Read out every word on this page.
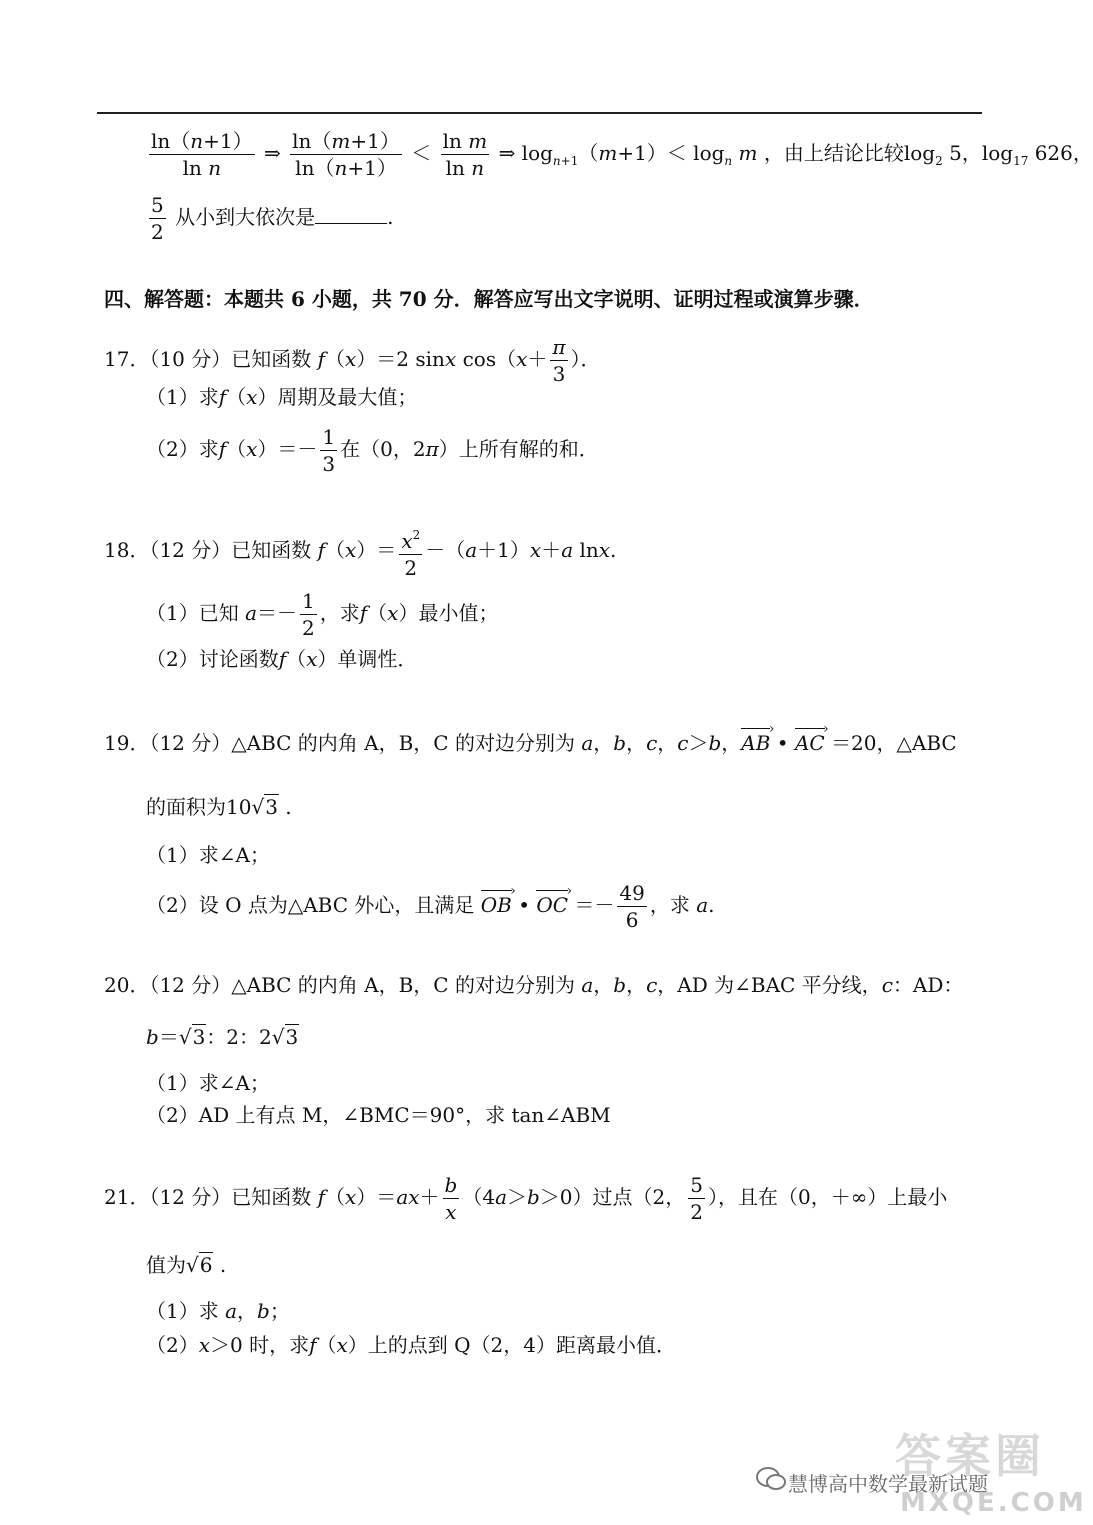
$\frac{\ln(n+1)}{\text{ln n}}$ ⇒ $\frac{\ln(m+1)}{\ln(n+1)} < \frac{\text{ln m}}{\text{ln n}}$ ⇒ $\log_{n+1}(m+1)< \log_n m$ ，由上结论比较$\log_2 5$，$\log_{17} 626$，
$\frac{5}{2}$ 从小到大依次是	.
四、解答题：本题共 6 小题，共 70 分．解答应写出文字说明、证明过程或演算步骤．
17．（10 分）已知函数 f（x）＝2 sinx $\cos(x+ \frac{\pi}{3}$ ）．
（1）求f（x）周期及最大值；
（2）求$f(x)=- \frac{1}{3}$ 在（0，2π）上所有解的和．
18．（12 分）已知函数 $f(x)= \frac{x^2}{2} -(a+1)x+a$ lnx.
（1）已知 $a=- \frac{1}{2}$ ，求f（x）最小值；
（2）讨论函数f（x）单调性．
19．（12 分）△ABC 的内角 A，B，C 的对边分别为 a，b，c，c＞b，› AB • › AC ＝20，△ABC
的面积为10√3 .
（1）求∠A；
（2）设 O 点为△ABC 外心，且满足 › OB • › OC ＝－ $\frac{49}{6}$ ，求 a.
20．（12 分）△ABC 的内角 A，B，C 的对边分别为 a，b，c，AD 为∠BAC 平分线，c：AD：
b＝√3：2：2√3
（1）求∠A；
（2）AD 上有点 M，∠BMC＝90°，求 tan∠ABM
21．（12 分）已知函数 $f(x)=ax+ \frac{b}{x} (4a>b>0)$过点（2， $\frac{5}{2}$ ），且在（0，＋∞）上最小
值为√6 .
（1）求 a，b；
（2）x＞0 时，求f（x）上的点到 Q（2，4）距离最小值．
答案圈
慧博高中数学最新试题
MXQE.COM
